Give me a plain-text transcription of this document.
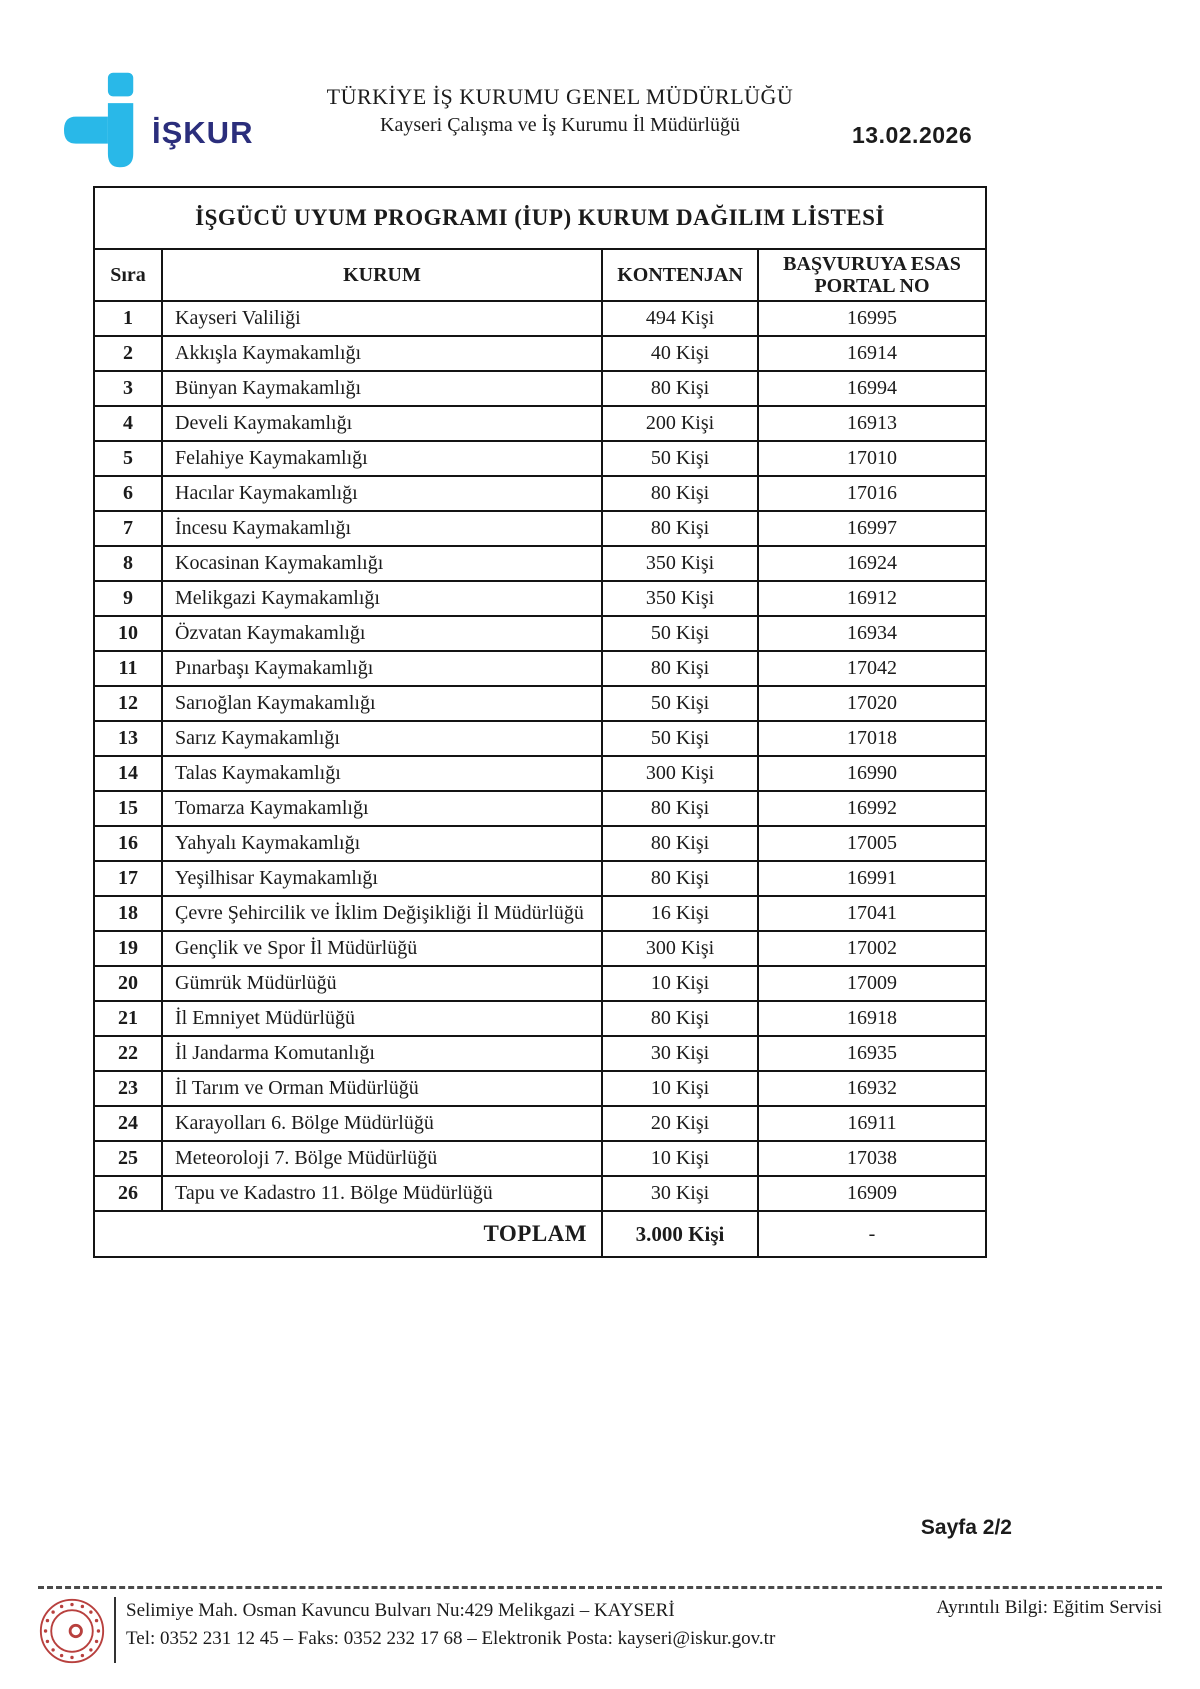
İŞKUR
TÜRKİYE İŞ KURUMU GENEL MÜDÜRLÜĞÜ
Kayseri Çalışma ve İş Kurumu İl Müdürlüğü	13.02.2026
İŞGÜCÜ UYUM PROGRAMI (İUP) KURUM DAĞILIM LİSTESİ			
Sıra	KURUM	KONTENJAN	BAŞVURUYA ESAS PORTAL NO
1	Kayseri Valiliği	494 Kişi	16995
2	Akkışla Kaymakamlığı	40 Kişi	16914
3	Bünyan Kaymakamlığı	80 Kişi	16994
4	Develi Kaymakamlığı	200 Kişi	16913
5	Felahiye Kaymakamlığı	50 Kişi	17010
6	Hacılar Kaymakamlığı	80 Kişi	17016
7	İncesu Kaymakamlığı	80 Kişi	16997
8	Kocasinan Kaymakamlığı	350 Kişi	16924
9	Melikgazi Kaymakamlığı	350 Kişi	16912
10	Özvatan Kaymakamlığı	50 Kişi	16934
11	Pınarbaşı Kaymakamlığı	80 Kişi	17042
12	Sarıoğlan Kaymakamlığı	50 Kişi	17020
13	Sarız Kaymakamlığı	50 Kişi	17018
14	Talas Kaymakamlığı	300 Kişi	16990
15	Tomarza Kaymakamlığı	80 Kişi	16992
16	Yahyalı Kaymakamlığı	80 Kişi	17005
17	Yeşilhisar Kaymakamlığı	80 Kişi	16991
18	Çevre Şehircilik ve İklim Değişikliği İl Müdürlüğü	16 Kişi	17041
19	Gençlik ve Spor İl Müdürlüğü	300 Kişi	17002
20	Gümrük Müdürlüğü	10 Kişi	17009
21	İl Emniyet Müdürlüğü	80 Kişi	16918
22	İl Jandarma Komutanlığı	30 Kişi	16935
23	İl Tarım ve Orman Müdürlüğü	10 Kişi	16932
24	Karayolları 6. Bölge Müdürlüğü	20 Kişi	16911
25	Meteoroloji 7. Bölge Müdürlüğü	10 Kişi	17038
26	Tapu ve Kadastro 11. Bölge Müdürlüğü	30 Kişi	16909
TOPLAM		3.000 Kişi	-
Sayfa 2/2
Selimiye Mah. Osman Kavuncu Bulvarı Nu:429 Melikgazi – KAYSERİ
Tel: 0352 231 12 45 – Faks: 0352 232 17 68 – Elektronik Posta: kayseri@iskur.gov.tr
Ayrıntılı Bilgi: Eğitim Servisi
